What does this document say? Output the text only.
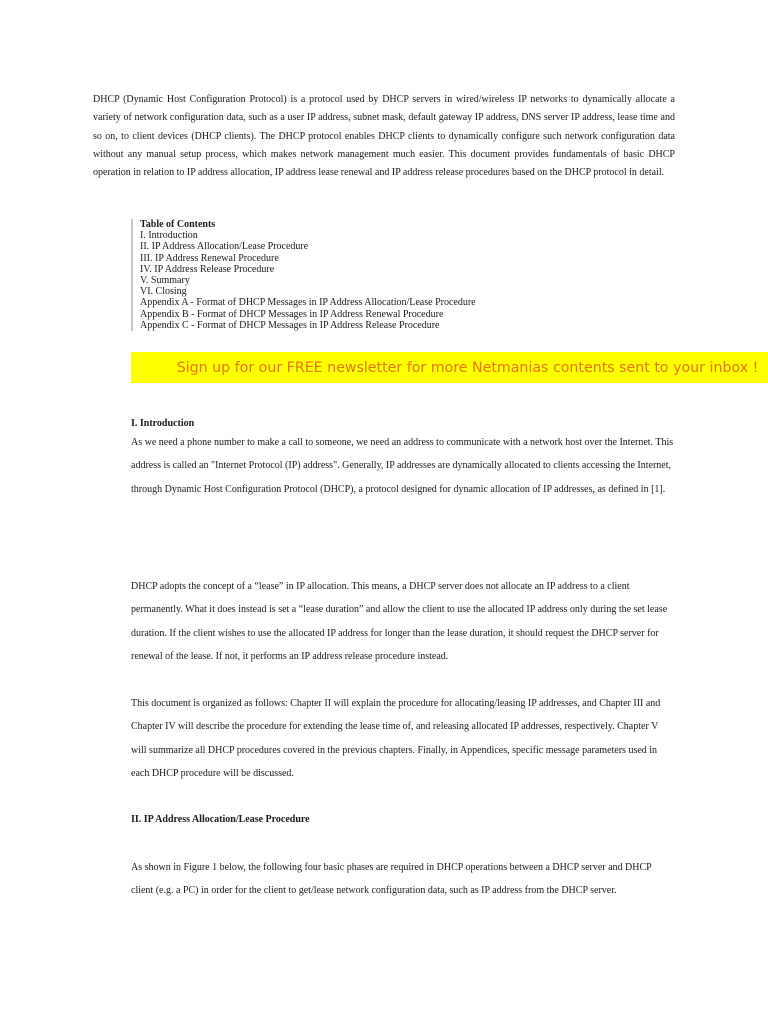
DHCP (Dynamic Host Configuration Protocol) is a protocol used by DHCP servers in wired/wireless IP networks to dynamically allocate a variety of network configuration data, such as a user IP address, subnet mask, default gateway IP address, DNS server IP address, lease time and so on, to client devices (DHCP clients). The DHCP protocol enables DHCP clients to dynamically configure such network configuration data without any manual setup process, which makes network management much easier. This document provides fundamentals of basic DHCP operation in relation to IP address allocation, IP address lease renewal and IP address release procedures based on the DHCP protocol in detail.

Table of Contents
I. Introduction
II. IP Address Allocation/Lease Procedure
III. IP Address Renewal Procedure
IV. IP Address Release Procedure
V. Summary
VI. Closing
Appendix A - Format of DHCP Messages in IP Address Allocation/Lease Procedure
Appendix B - Format of DHCP Messages in IP Address Renewal Procedure
Appendix C - Format of DHCP Messages in IP Address Release Procedure
Sign up for our FREE newsletter for more Netmanias contents sent to your inbox !
I. Introduction

As we need a phone number to make a call to someone, we need an address to communicate with a network host over the Internet. This address is called an "Internet Protocol (IP) address". Generally, IP addresses are dynamically allocated to clients accessing the Internet, through Dynamic Host Configuration Protocol (DHCP), a protocol designed for dynamic allocation of IP addresses, as defined in [1].

DHCP adopts the concept of a “lease” in IP allocation. This means, a DHCP server does not allocate an IP address to a client permanently. What it does instead is set a “lease duration” and allow the client to use the allocated IP address only during the set lease duration. If the client wishes to use the allocated IP address for longer than the lease duration, it should request the DHCP server for renewal of the lease. If not, it performs an IP address release procedure instead.

This document is organized as follows: Chapter II will explain the procedure for allocating/leasing IP addresses, and Chapter III and Chapter IV will describe the procedure for extending the lease time of, and releasing allocated IP addresses, respectively. Chapter V will summarize all DHCP procedures covered in the previous chapters. Finally, in Appendices, specific message parameters used in each DHCP procedure will be discussed.

II. IP Address Allocation/Lease Procedure

As shown in Figure 1 below, the following four basic phases are required in DHCP operations between a DHCP server and DHCP client (e.g. a PC) in order for the client to get/lease network configuration data, such as IP address from the DHCP server.
